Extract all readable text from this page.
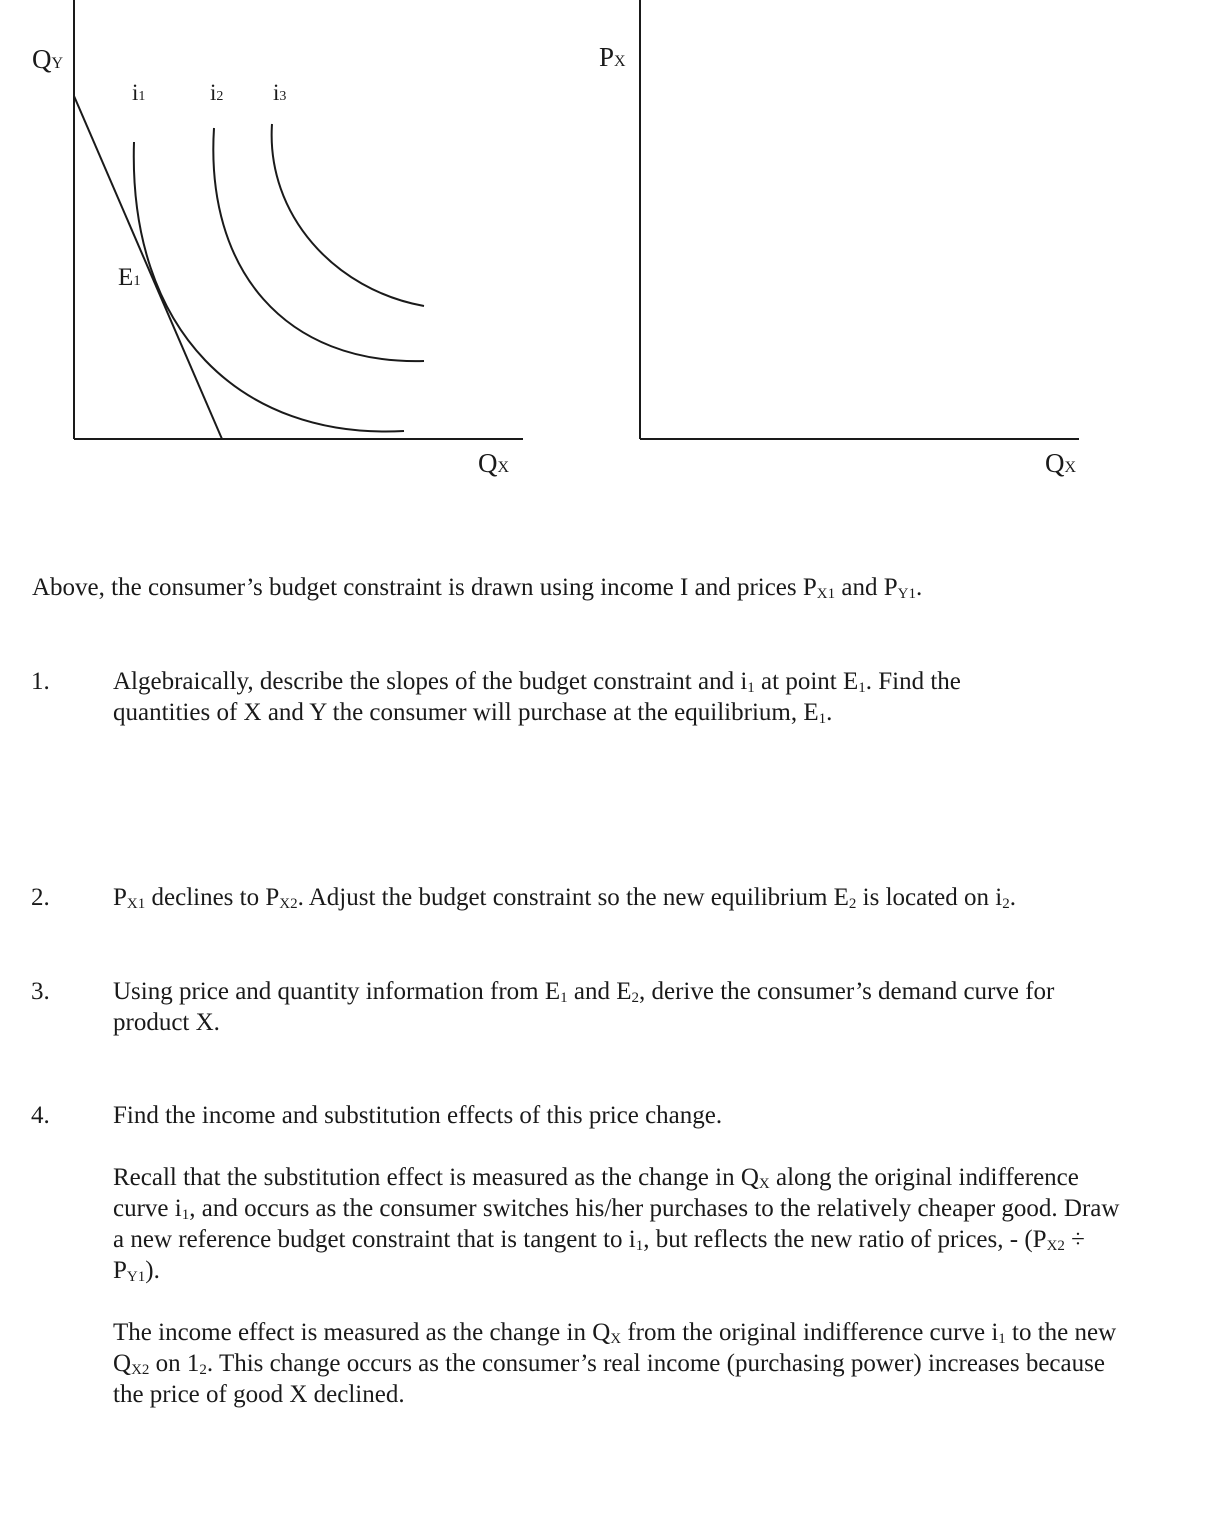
QY
QX
i1	i2 i3
E1
PX
QX

Above, the consumer’s budget constraint is drawn using income I and prices $P_{X1}$ and $P_{Y1}$.

1.	Algebraically, describe the slopes of the budget constraint and $i_1$ at point $E_1$. Find the quantities of X and Y the consumer will purchase at the equilibrium, $E_1$.

2.	$P_{X1}$ declines to $P_{X2}$. Adjust the budget constraint so the new equilibrium $E_2$ is located on $i_2$.

3.	Using price and quantity information from $E_1$ and $E_2$, derive the consumer’s demand curve for product X.

4.	Find the income and substitution effects of this price change.

Recall that the substitution effect is measured as the change in $Q_X$ along the original indifference curve $i_1$, and occurs as the consumer switches his/her purchases to the relatively cheaper good. Draw a new reference budget constraint that is tangent to $i_1$, but reflects the new ratio of prices, - $(P_{X2} \div P_{Y1})$.

The income effect is measured as the change in $Q_X$ from the original indifference curve $i_1$ to the new $Q_{X2}$ on $1_2$. This change occurs as the consumer’s real income (purchasing power) increases because the price of good X declined.
